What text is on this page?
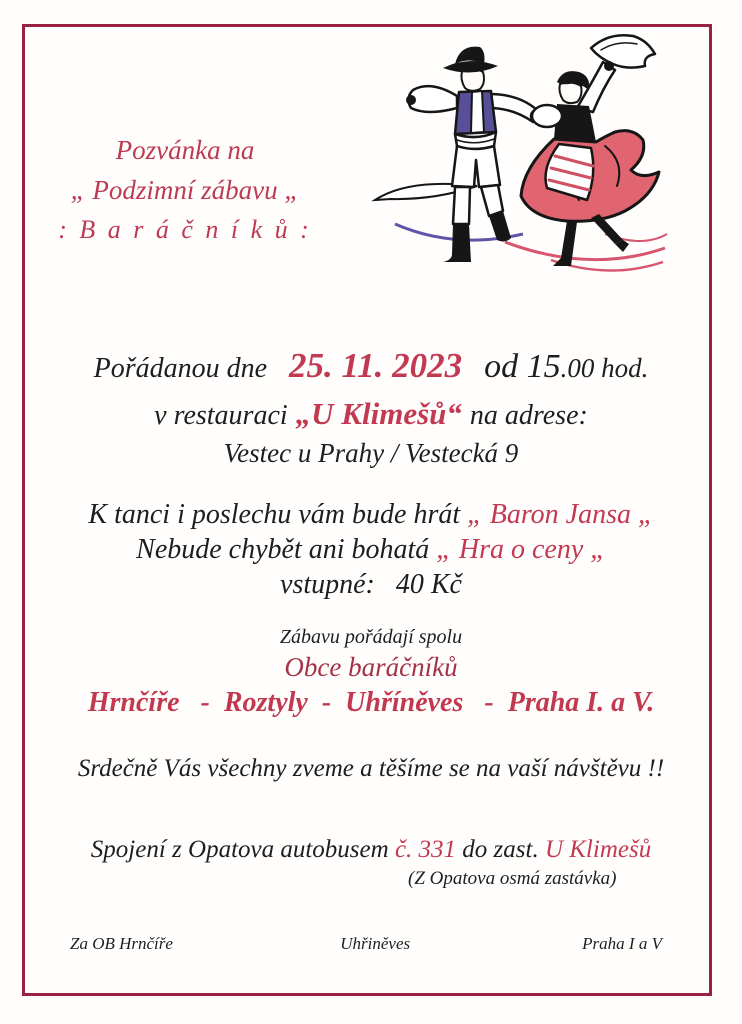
Pozvánka na
„ Podzimní zábavu „
: B a r á č n í k ů :
Pořádanou dne 25. 11. 2023 od 15.00 hod.
v restauraci „U Klimešů“ na adrese:
Vestec u Prahy / Vestecká 9
K tanci i poslechu vám bude hrát „ Baron Jansa „
Nebude chybět ani bohatá „ Hra o ceny „
vstupné:   40 Kč
Zábavu pořádají spolu
Obce baráčníků
Hrnčíře   -  Roztyly  -  Uhříněves   -  Praha I. a V.
Srdečně Vás všechny zveme a těšíme se na vaší návštěvu !!
Spojení z Opatova autobusem č. 331 do zast. U Klimešů
(Z Opatova osmá zastávka)
Za OB Hrnčíře	Uhřiněves	Praha I a V
